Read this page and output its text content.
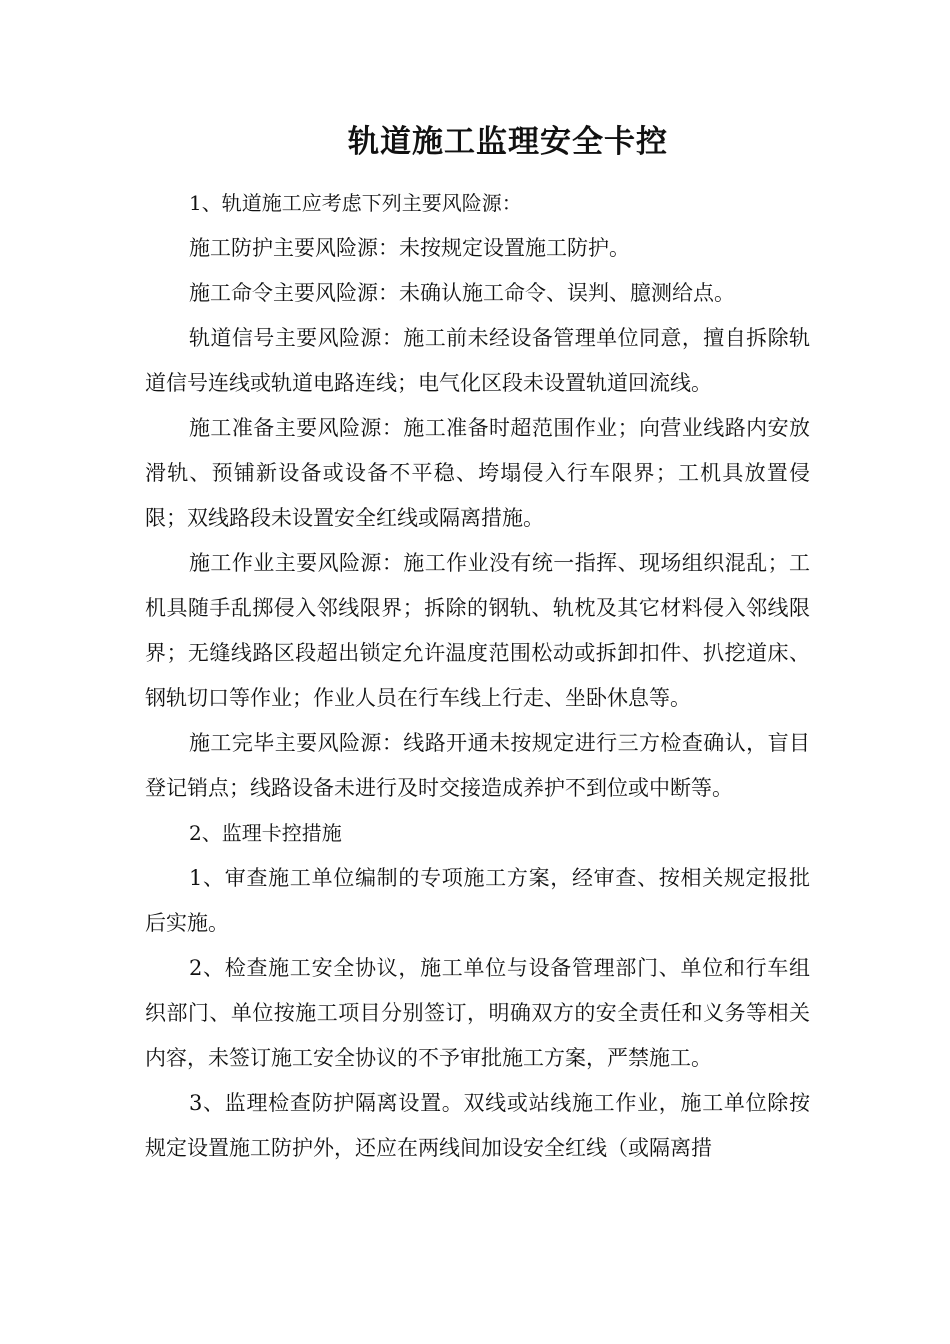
轨道施工监理安全卡控

1、轨道施工应考虑下列主要风险源：

施工防护主要风险源：未按规定设置施工防护。

施工命令主要风险源：未确认施工命令、误判、臆测给点。

轨道信号主要风险源：施工前未经设备管理单位同意，擅自拆除轨道信号连线或轨道电路连线；电气化区段未设置轨道回流线。

施工准备主要风险源：施工准备时超范围作业；向营业线路内安放滑轨、预铺新设备或设备不平稳、垮塌侵入行车限界；工机具放置侵限；双线路段未设置安全红线或隔离措施。

施工作业主要风险源：施工作业没有统一指挥、现场组织混乱；工机具随手乱掷侵入邻线限界；拆除的钢轨、轨枕及其它材料侵入邻线限界；无缝线路区段超出锁定允许温度范围松动或拆卸扣件、扒挖道床、钢轨切口等作业；作业人员在行车线上行走、坐卧休息等。

施工完毕主要风险源：线路开通未按规定进行三方检查确认，盲目登记销点；线路设备未进行及时交接造成养护不到位或中断等。

2、监理卡控措施

1、审查施工单位编制的专项施工方案，经审查、按相关规定报批后实施。

2、检查施工安全协议，施工单位与设备管理部门、单位和行车组织部门、单位按施工项目分别签订，明确双方的安全责任和义务等相关内容，未签订施工安全协议的不予审批施工方案，严禁施工。

3、监理检查防护隔离设置。双线或站线施工作业，施工单位除按规定设置施工防护外，还应在两线间加设安全红线（或隔离措
